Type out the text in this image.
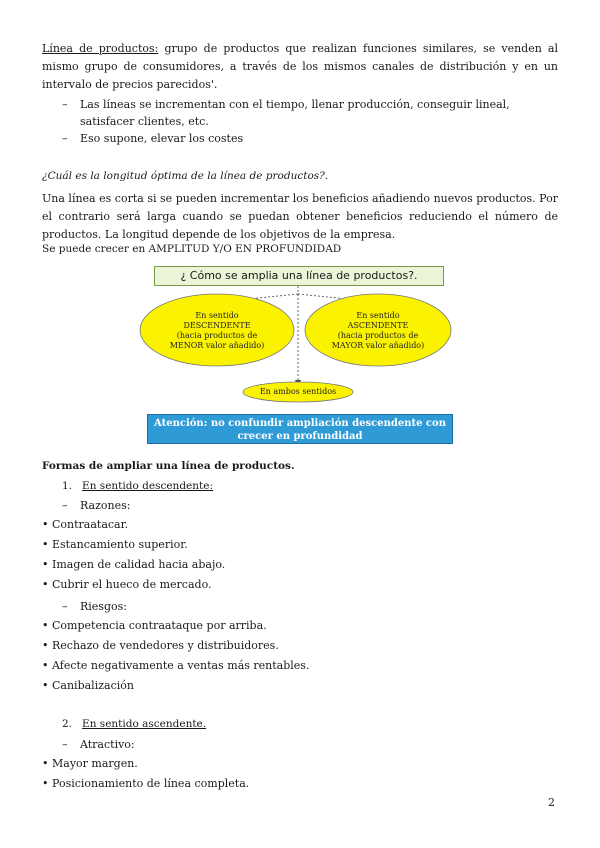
Línea de productos: grupo de productos que realizan funciones similares, se venden al mismo grupo de consumidores, a través de los mismos canales de distribución y en un intervalo de precios parecidos'.
– Las líneas se incrementan con el tiempo, llenar producción, conseguir lineal, satisfacer clientes, etc.
– Eso supone, elevar los costes
¿Cuál es la longitud óptima de la línea de productos?.
Una línea es corta si se pueden incrementar los beneficios añadiendo nuevos productos. Por el contrario será larga cuando se puedan obtener beneficios reduciendo el número de productos. La longitud depende de los objetivos de la empresa.
Se puede crecer en AMPLITUD Y/O EN PROFUNDIDAD
¿ Cómo se amplia una línea de productos?.
En sentido
DESCENDENTE
(hacia productos de
MENOR valor añadido)
En sentido
ASCENDENTE
(hacia productos de
MAYOR valor añadido)
En ambos sentidos
Atención: no confundir ampliación descendente con crecer en profundidad
Formas de ampliar una línea de productos.
1. En sentido descendente:
– Razones:
• Contraatacar.
• Estancamiento superior.
• Imagen de calidad hacia abajo.
• Cubrir el hueco de mercado.
– Riesgos:
• Competencia contraataque por arriba.
• Rechazo de vendedores y distribuidores.
• Afecte negativamente a ventas más rentables.
• Canibalización
2. En sentido ascendente.
– Atractivo:
• Mayor margen.
• Posicionamiento de línea completa.
2
